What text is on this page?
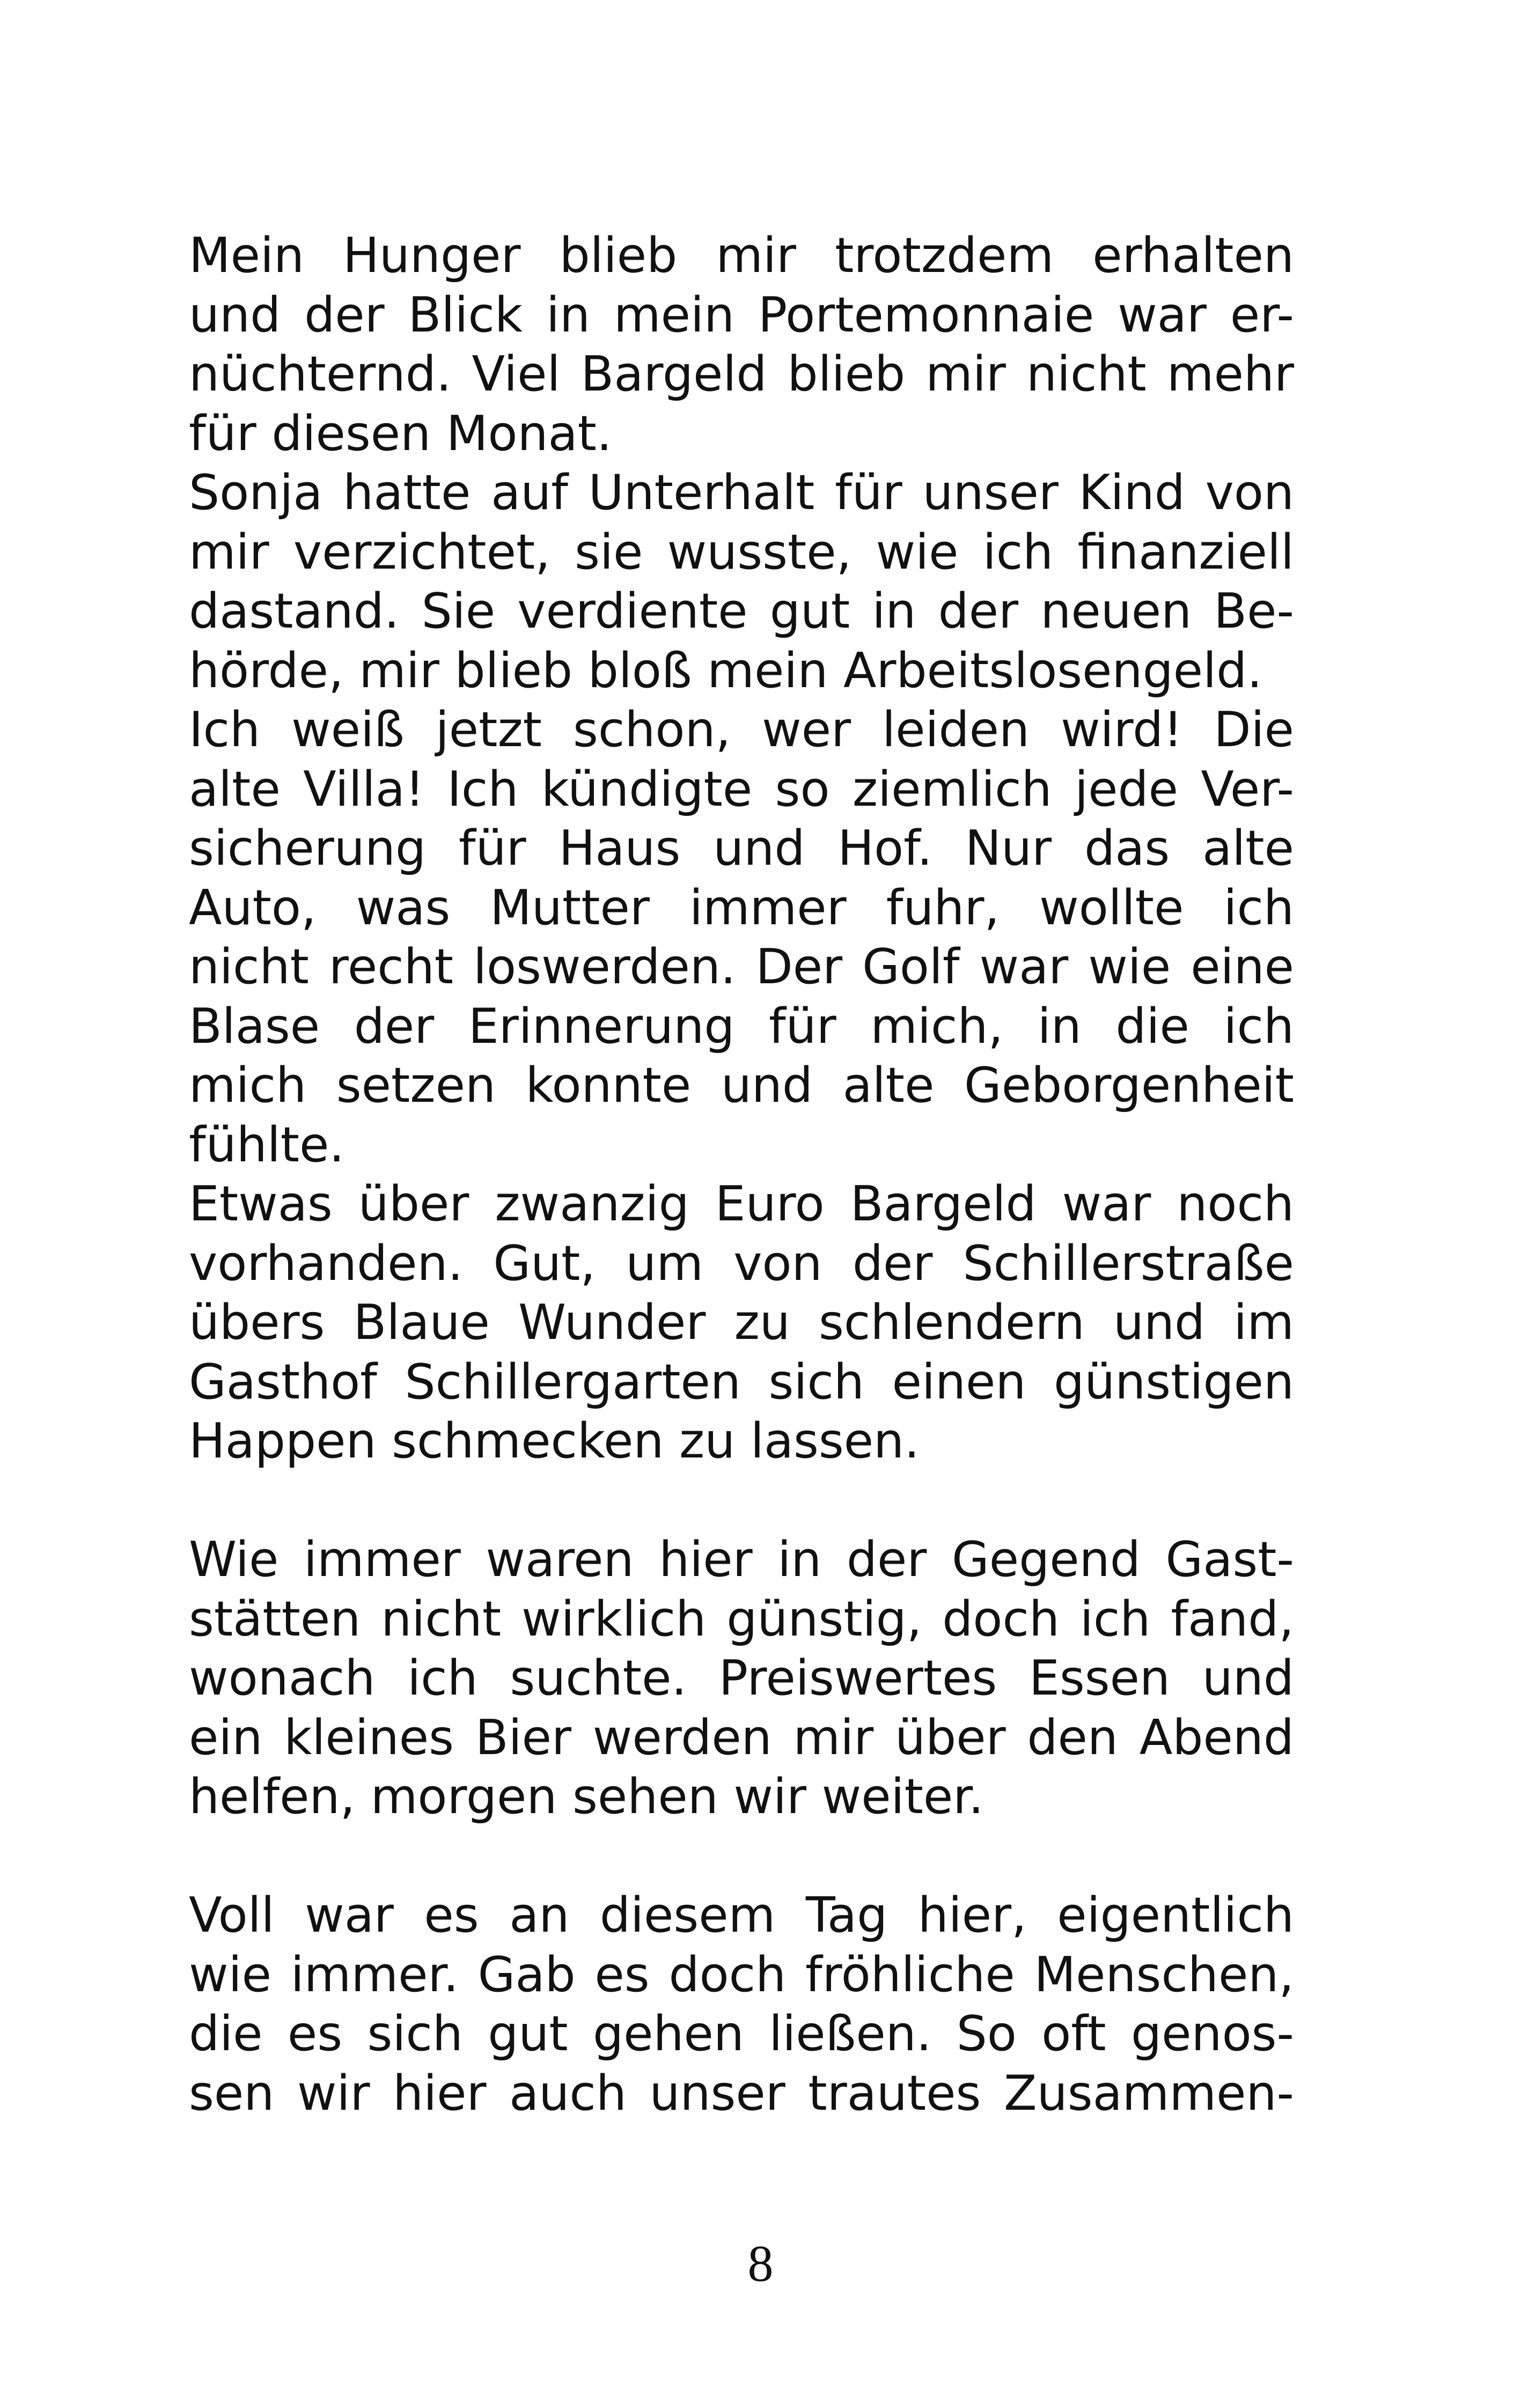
Mein Hunger blieb mir trotzdem erhalten
und der Blick in mein Portemonnaie war er-
nüchternd. Viel Bargeld blieb mir nicht mehr
für diesen Monat.
Sonja hatte auf Unterhalt für unser Kind von
mir verzichtet, sie wusste, wie ich finanziell
dastand. Sie verdiente gut in der neuen Be-
hörde, mir blieb bloß mein Arbeitslosengeld.
Ich weiß jetzt schon, wer leiden wird! Die
alte Villa! Ich kündigte so ziemlich jede Ver-
sicherung für Haus und Hof. Nur das alte
Auto, was Mutter immer fuhr, wollte ich
nicht recht loswerden. Der Golf war wie eine
Blase der Erinnerung für mich, in die ich
mich setzen konnte und alte Geborgenheit
fühlte.
Etwas über zwanzig Euro Bargeld war noch
vorhanden. Gut, um von der Schillerstraße
übers Blaue Wunder zu schlendern und im
Gasthof Schillergarten sich einen günstigen
Happen schmecken zu lassen.
Wie immer waren hier in der Gegend Gast-
stätten nicht wirklich günstig, doch ich fand,
wonach ich suchte. Preiswertes Essen und
ein kleines Bier werden mir über den Abend
helfen, morgen sehen wir weiter.
Voll war es an diesem Tag hier, eigentlich
wie immer. Gab es doch fröhliche Menschen,
die es sich gut gehen ließen. So oft genos-
sen wir hier auch unser trautes Zusammen-
8
